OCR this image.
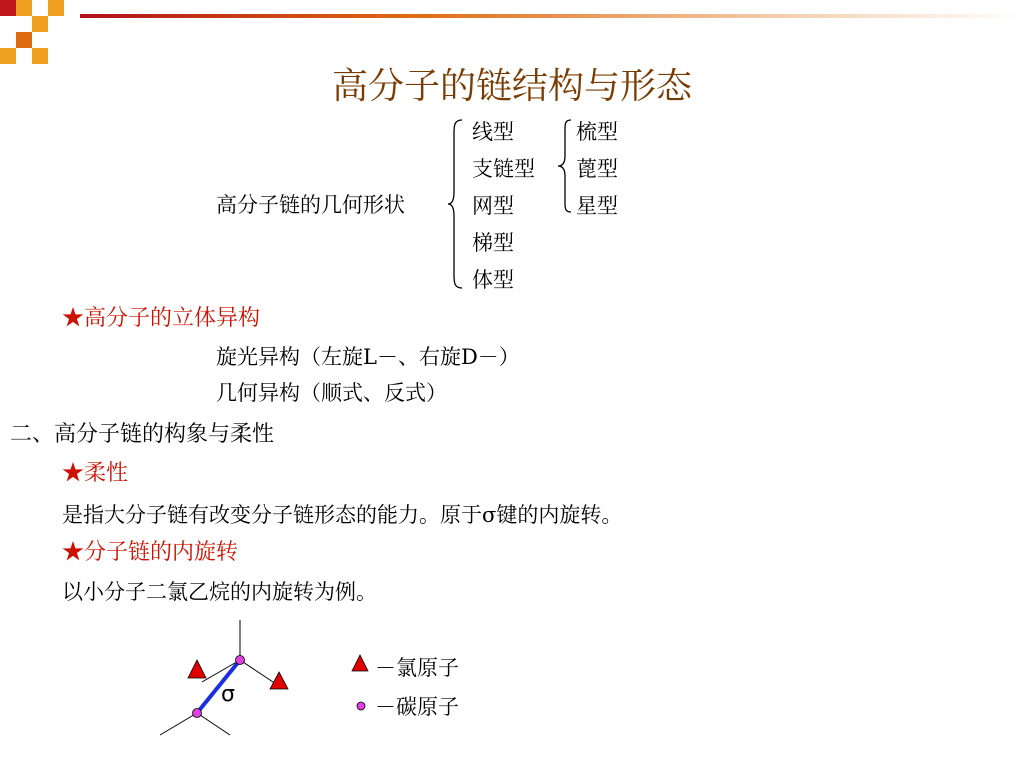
高分子的链结构与形态
高分子链的几何形状
线型
支链型
网型
梯型
体型
梳型
蓖型
星型
★高分子的立体异构
旋光异构（左旋L－、右旋D－）
几何异构（顺式、反式）
二、高分子链的构象与柔性
★柔性
是指大分子链有改变分子链形态的能力。原于σ键的内旋转。
★分子链的内旋转
以小分子二氯乙烷的内旋转为例。
σ
－氯原子
－碳原子
